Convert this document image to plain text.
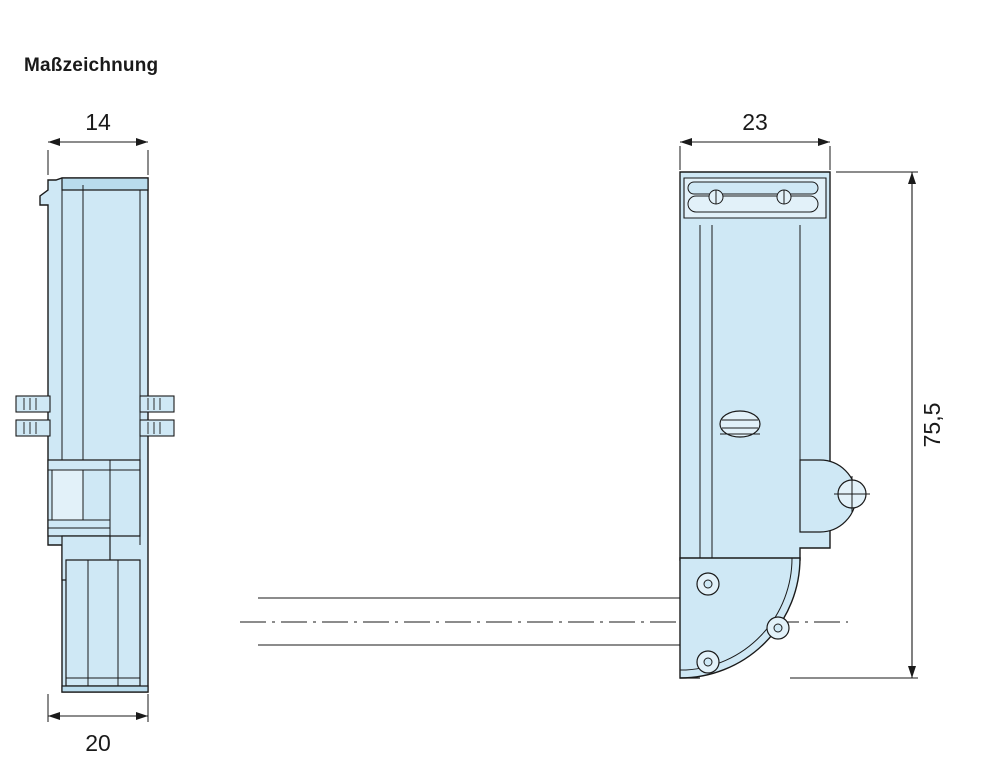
Maßzeichnung
14
20
23
75,5
